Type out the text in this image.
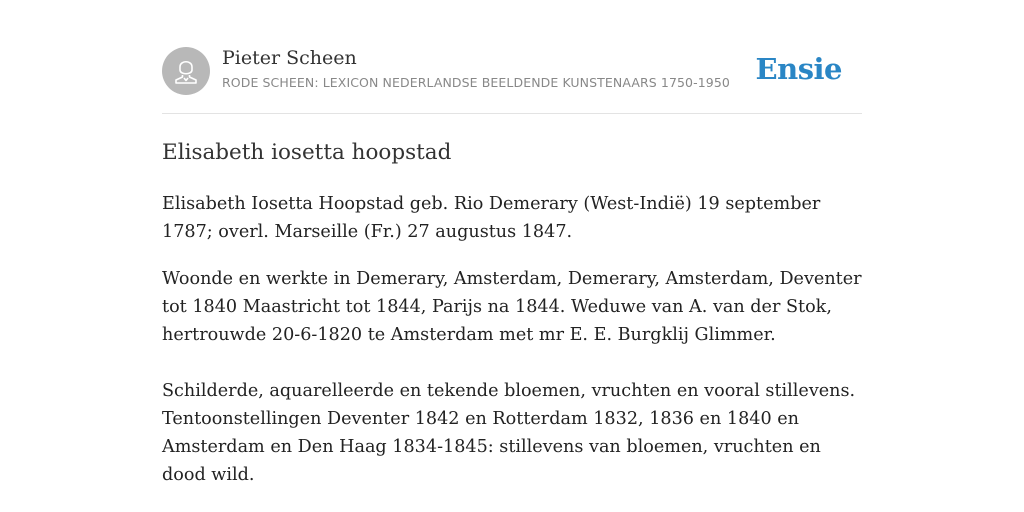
Pieter Scheen
RODE SCHEEN: LEXICON NEDERLANDSE BEELDENDE KUNSTENAARS 1750-1950 Ensie
Elisabeth iosetta hoopstad

Elisabeth Iosetta Hoopstad geb. Rio Demerary (West-Indië) 19 september 1787; overl. Marseille (Fr.) 27 augustus 1847.

Woonde en werkte in Demerary, Amsterdam, Demerary, Amsterdam, Deventer tot 1840 Maastricht tot 1844, Parijs na 1844. Weduwe van A. van der Stok, hertrouwde 20-6-1820 te Amsterdam met mr E. E. Burgklij Glimmer.

Schilderde, aquarelleerde en tekende bloemen, vruchten en vooral stillevens. Tentoonstellingen Deventer 1842 en Rotterdam 1832, 1836 en 1840 en Amsterdam en Den Haag 1834-1845: stillevens van bloemen, vruchten en dood wild.
